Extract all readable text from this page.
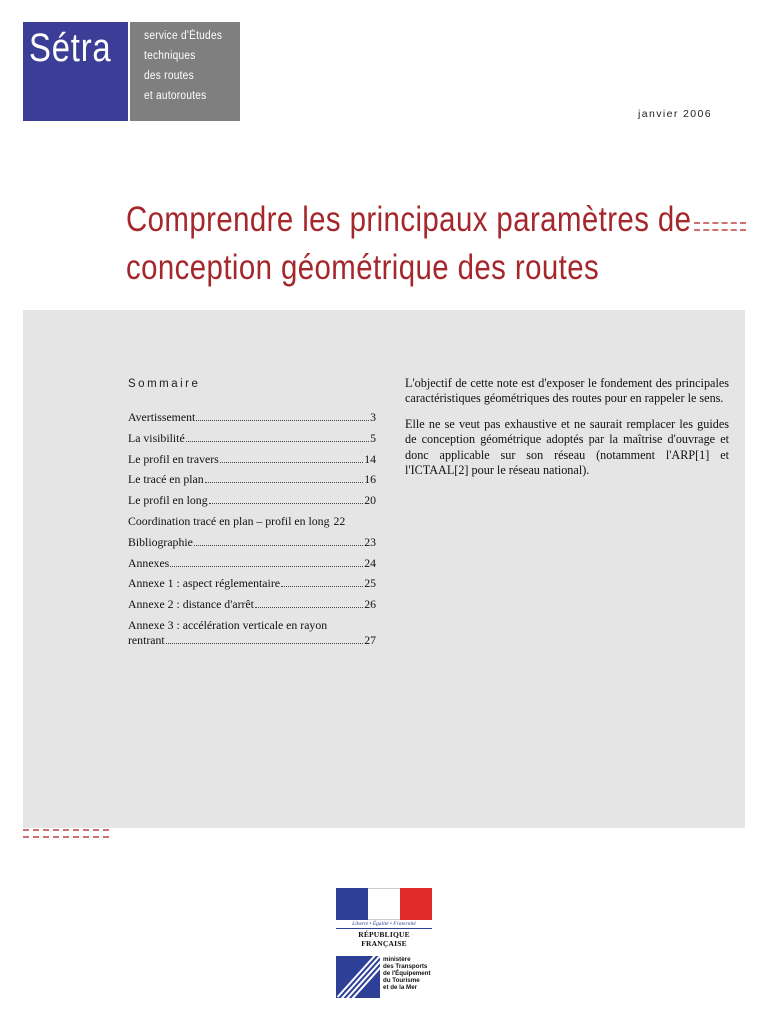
Sétra	service d'Études
techniques
des routes
et autoroutes
janvier 2006
Comprendre les principaux paramètres de
conception géométrique des routes
Sommaire
Avertissement	3
La visibilité	5
Le profil en travers	14
Le tracé en plan	16
Le profil en long	20
Coordination tracé en plan – profil en long 22
Bibliographie	23
Annexes	24
Annexe 1 : aspect réglementaire	25
Annexe 2 : distance d'arrêt	26
Annexe 3 : accélération verticale en rayon
rentrant	27

L'objectif de cette note est d'exposer le fondement des principales caractéristiques géométriques des routes pour en rappeler le sens.

Elle ne se veut pas exhaustive et ne saurait remplacer les guides de conception géométrique adoptés par la maîtrise d'ouvrage et donc applicable sur son réseau (notamment l'ARP[1] et l'ICTAAL[2] pour le réseau national).

Liberté • Égalité • Fraternité
RÉPUBLIQUE FRANÇAISE
ministère
des Transports
de l'Équipement
du Tourisme
et de la Mer
